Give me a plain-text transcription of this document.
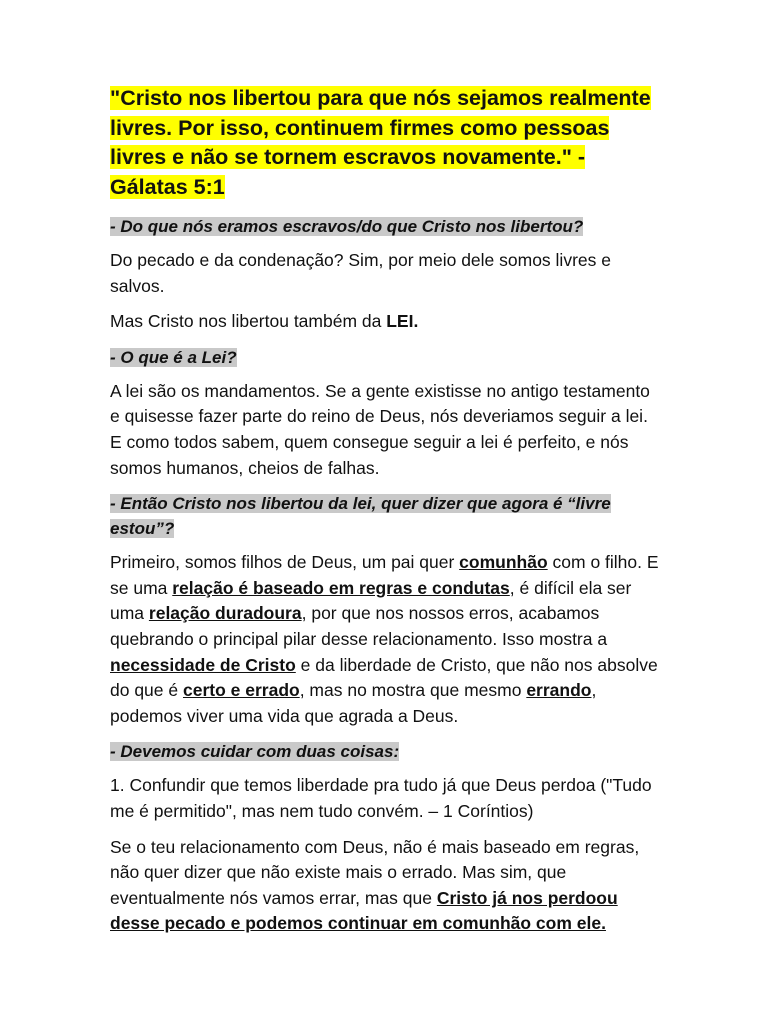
"Cristo nos libertou para que nós sejamos realmente livres. Por isso, continuem firmes como pessoas livres e não se tornem escravos novamente." - Gálatas 5:1

- Do que nós eramos escravos/do que Cristo nos libertou?

Do pecado e da condenação? Sim, por meio dele somos livres e salvos.

Mas Cristo nos libertou também da LEI.

- O que é a Lei?

A lei são os mandamentos. Se a gente existisse no antigo testamento e quisesse fazer parte do reino de Deus, nós deveriamos seguir a lei. E como todos sabem, quem consegue seguir a lei é perfeito, e nós somos humanos, cheios de falhas.

- Então Cristo nos libertou da lei, quer dizer que agora é “livre estou”?

Primeiro, somos filhos de Deus, um pai quer comunhão com o filho. E se uma relação é baseado em regras e condutas, é difícil ela ser uma relação duradoura, por que nos nossos erros, acabamos quebrando o principal pilar desse relacionamento. Isso mostra a necessidade de Cristo e da liberdade de Cristo, que não nos absolve do que é certo e errado, mas no mostra que mesmo errando, podemos viver uma vida que agrada a Deus.

- Devemos cuidar com duas coisas:

1. Confundir que temos liberdade pra tudo já que Deus perdoa ("Tudo me é permitido", mas nem tudo convém. – 1 Coríntios)

Se o teu relacionamento com Deus, não é mais baseado em regras, não quer dizer que não existe mais o errado. Mas sim, que eventualmente nós vamos errar, mas que Cristo já nos perdoou desse pecado e podemos continuar em comunhão com ele.
